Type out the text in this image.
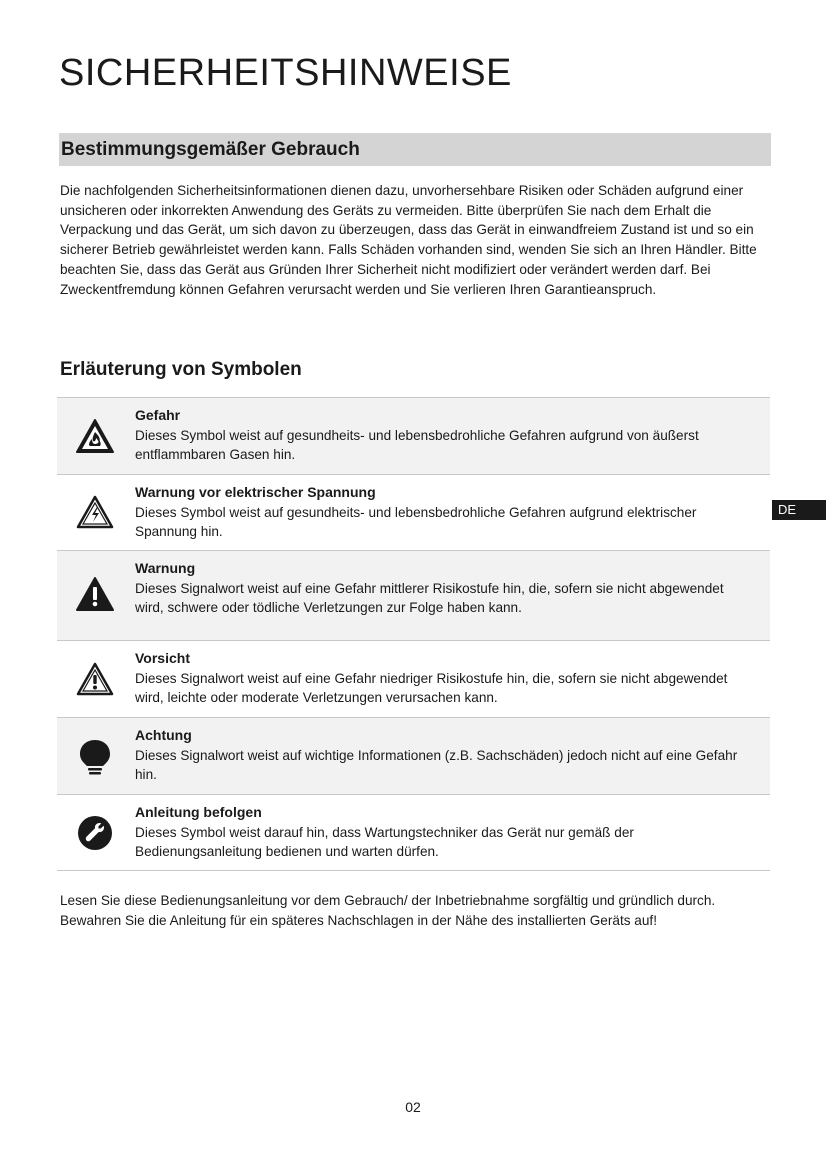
SICHERHEITSHINWEISE
Bestimmungsgemäßer Gebrauch
Die nachfolgenden Sicherheitsinformationen dienen dazu, unvorhersehbare Risiken oder Schäden aufgrund einer unsicheren oder inkorrekten Anwendung des Geräts zu vermeiden. Bitte überprüfen Sie nach dem Erhalt die Verpackung und das Gerät, um sich davon zu überzeugen, dass das Gerät in einwandfreiem Zustand ist und so ein sicherer Betrieb gewährleistet werden kann. Falls Schäden vorhanden sind, wenden Sie sich an Ihren Händler. Bitte beachten Sie, dass das Gerät aus Gründen Ihrer Sicherheit nicht modifiziert oder verändert werden darf. Bei Zweckentfremdung können Gefahren verursacht werden und Sie verlieren Ihren Garantieanspruch.
Erläuterung von Symbolen
Gefahr
Dieses Symbol weist auf gesundheits- und lebensbedrohliche Gefahren aufgrund von äußerst entflammbaren Gasen hin.
Warnung vor elektrischer Spannung
Dieses Symbol weist auf gesundheits- und lebensbedrohliche Gefahren aufgrund elektrischer Spannung hin.
Warnung
Dieses Signalwort weist auf eine Gefahr mittlerer Risikostufe hin, die, sofern sie nicht abgewendet wird, schwere oder tödliche Verletzungen zur Folge haben kann.
Vorsicht
Dieses Signalwort weist auf eine Gefahr niedriger Risikostufe hin, die, sofern sie nicht abgewendet wird, leichte oder moderate Verletzungen verursachen kann.
Achtung
Dieses Signalwort weist auf wichtige Informationen (z.B. Sachschäden) jedoch nicht auf eine Gefahr hin.
Anleitung befolgen
Dieses Symbol weist darauf hin, dass Wartungstechniker das Gerät nur gemäß der Bedienungsanleitung bedienen und warten dürfen.
DE
Lesen Sie diese Bedienungsanleitung vor dem Gebrauch/ der Inbetriebnahme sorgfältig und gründlich durch. Bewahren Sie die Anleitung für ein späteres Nachschlagen in der Nähe des installierten Geräts auf!
02
